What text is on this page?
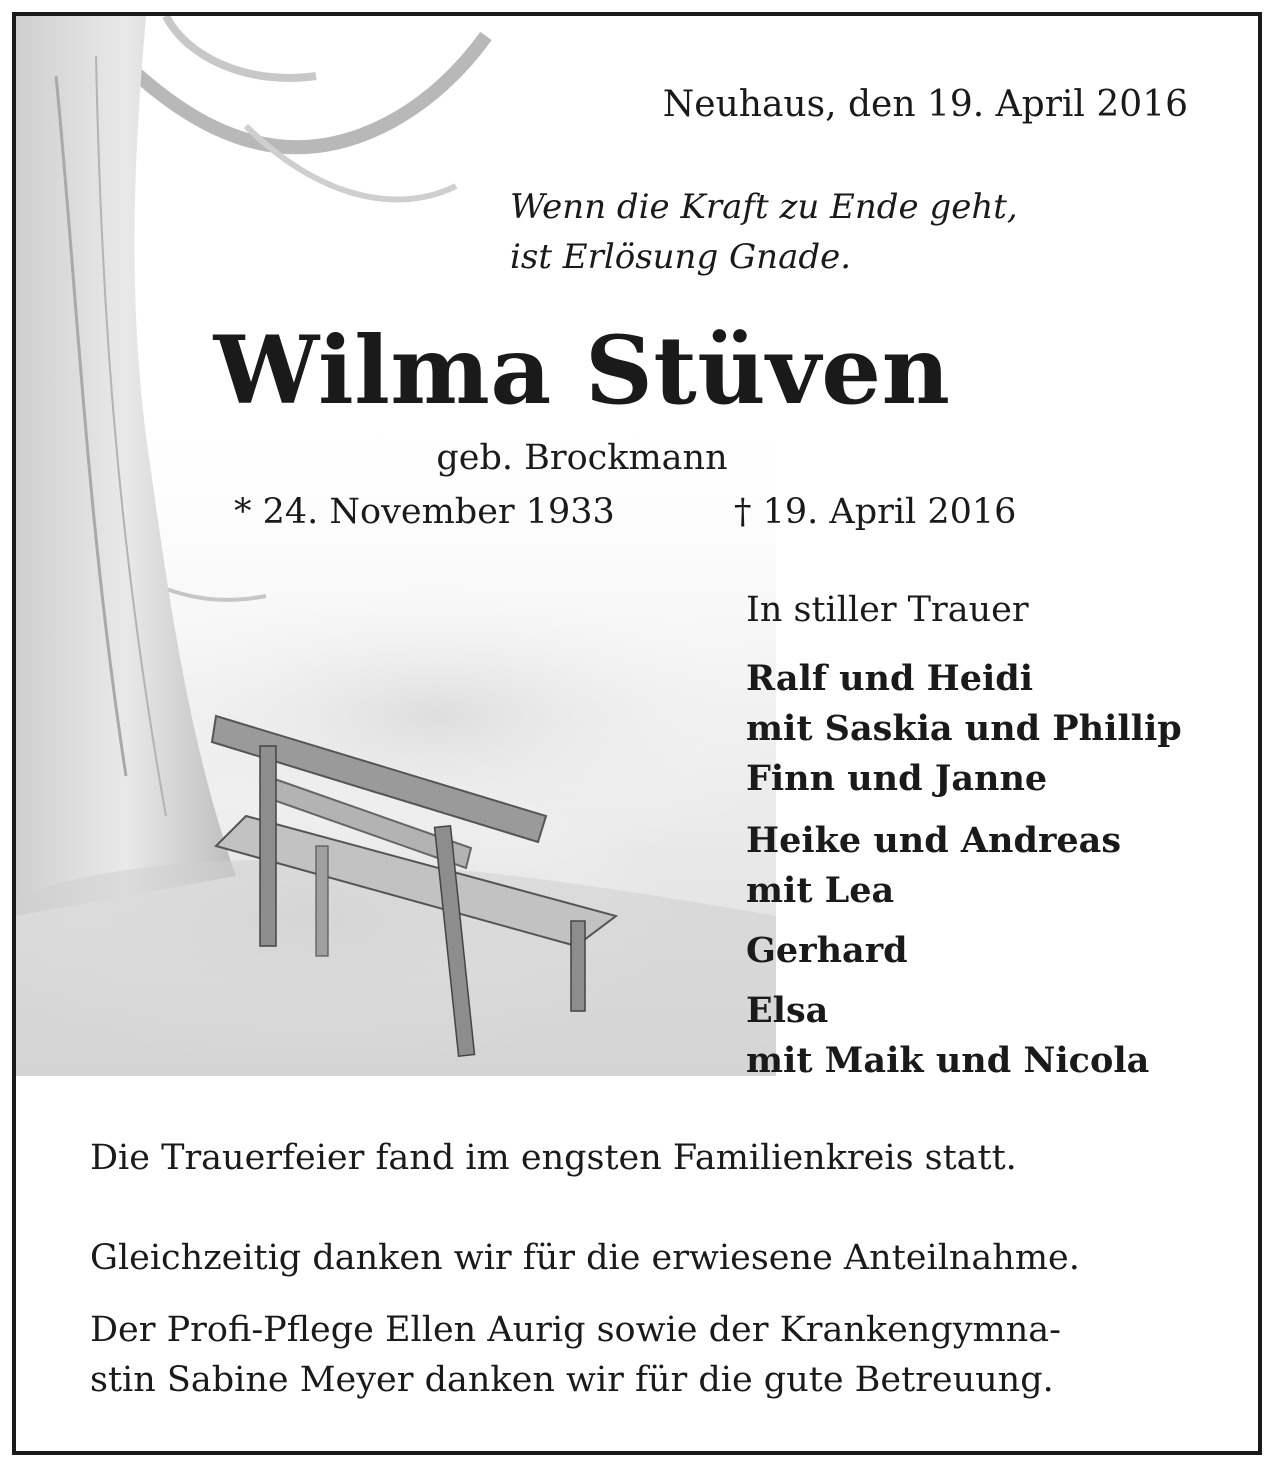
Neuhaus, den 19. April 2016
Wenn die Kraft zu Ende geht,
ist Erlösung Gnade.
Wilma Stüven
geb. Brockmann
* 24. November 1933	† 19. April 2016
In stiller Trauer
Ralf und Heidi
mit Saskia und Phillip
Finn und Janne
Heike und Andreas
mit Lea
Gerhard
Elsa
mit Maik und Nicola
Die Trauerfeier fand im engsten Familienkreis statt.
Gleichzeitig danken wir für die erwiesene Anteilnahme.
Der Profi-Pflege Ellen Aurig sowie der Krankengymna-
stin Sabine Meyer danken wir für die gute Betreuung.
